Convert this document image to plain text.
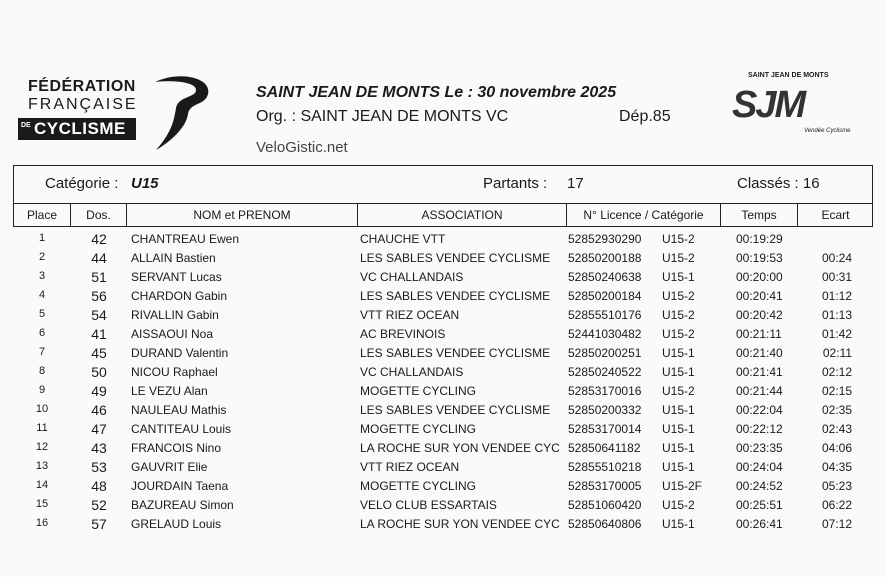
FÉDÉRATION
FRANÇAISE
DE CYCLISME
SAINT JEAN DE MONTS Le : 30 novembre 2025
Org. : SAINT JEAN DE MONTS VC	Dép.85
VeloGistic.net
SAINT JEAN DE MONTS
SJM
Vendée Cyclisme
Catégorie : U15	Partants : 17	Classés : 16
Place	Dos.	NOM et PRENOM	ASSOCIATION	N° Licence / Catégorie	Temps	Ecart
1	42	CHANTREAU Ewen	CHAUCHE VTT	52852930290 U15-2	00:19:29
2	44	ALLAIN Bastien	LES SABLES VENDEE CYCLISME	52850200188 U15-2	00:19:53	00:24
3	51	SERVANT Lucas	VC CHALLANDAIS	52850240638 U15-1	00:20:00	00:31
4	56	CHARDON Gabin	LES SABLES VENDEE CYCLISME	52850200184 U15-2	00:20:41	01:12
5	54	RIVALLIN Gabin	VTT RIEZ OCEAN	52855510176 U15-2	00:20:42	01:13
6	41	AISSAOUI Noa	AC BREVINOIS	52441030482 U15-2	00:21:11	01:42
7	45	DURAND Valentin	LES SABLES VENDEE CYCLISME	52850200251 U15-1	00:21:40	02:11
8	50	NICOU Raphael	VC CHALLANDAIS	52850240522 U15-1	00:21:41	02:12
9	49	LE VEZU Alan	MOGETTE CYCLING	52853170016 U15-2	00:21:44	02:15
10	46	NAULEAU Mathis	LES SABLES VENDEE CYCLISME	52850200332 U15-1	00:22:04	02:35
11	47	CANTITEAU Louis	MOGETTE CYCLING	52853170014 U15-1	00:22:12	02:43
12	43	FRANCOIS Nino	LA ROCHE SUR YON VENDEE CYC 52850641182 U15-1	00:23:35	04:06
13	53	GAUVRIT Elie	VTT RIEZ OCEAN	52855510218 U15-1	00:24:04	04:35
14	48	JOURDAIN Taena	MOGETTE CYCLING	52853170005 U15-2F	00:24:52	05:23
15	52	BAZUREAU Simon	VELO CLUB ESSARTAIS	52851060420 U15-2	00:25:51	06:22
16	57	GRELAUD Louis	LA ROCHE SUR YON VENDEE CYC 52850640806 U15-1	00:26:41	07:12
